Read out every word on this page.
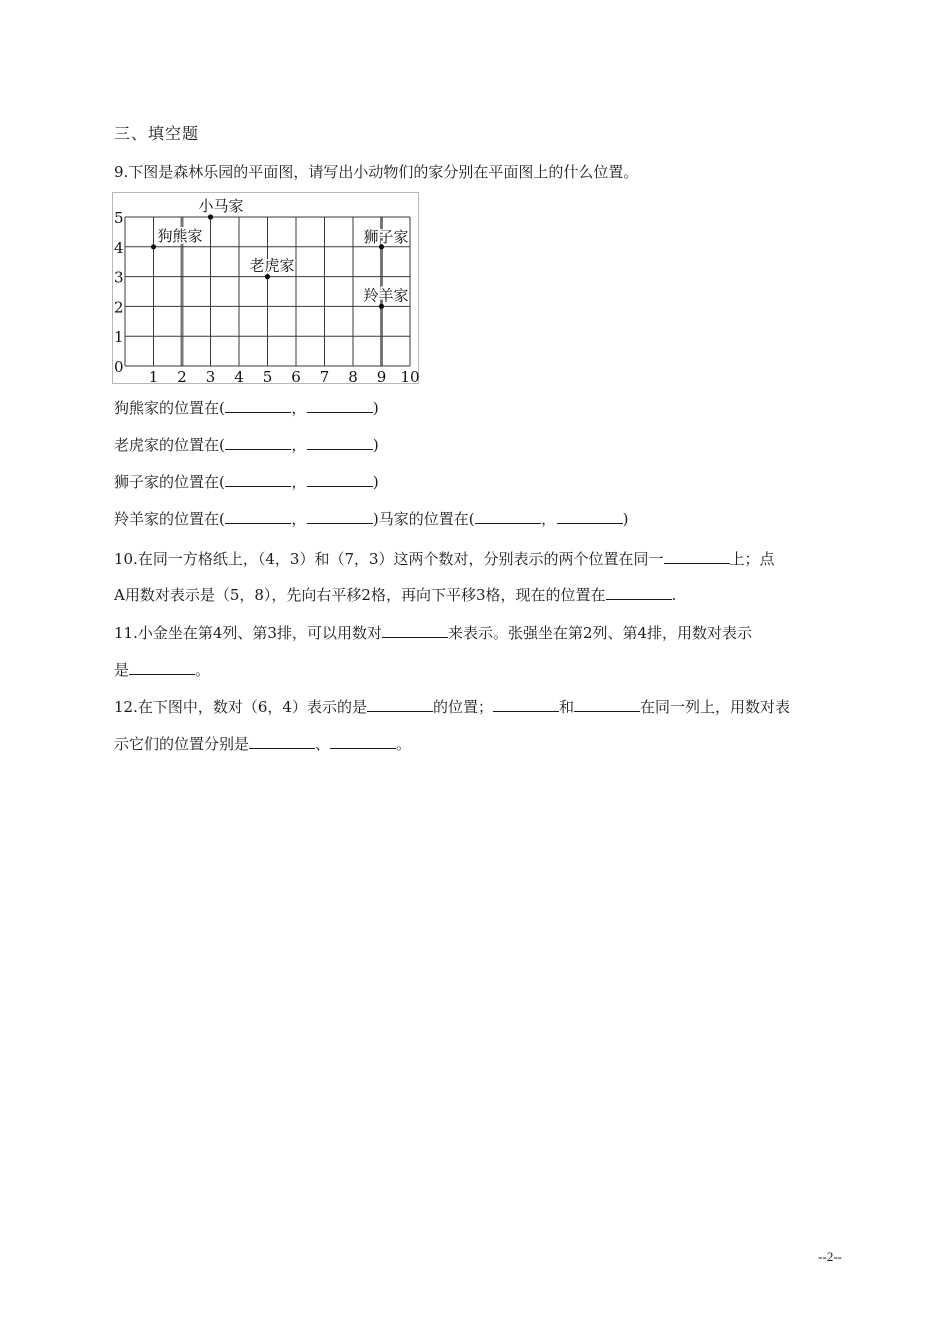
三、填空题
9.下图是森林乐园的平面图，请写出小动物们的家分别在平面图上的什么位置。
1 2 3 4 5 6 7 8 9 10
0
1
2
3
4
5
小马家
狗熊家
老虎家
狮子家
羚羊家
狗熊家的位置在(	，	)
老虎家的位置在(	，	)
狮子家的位置在(	，	)
羚羊家的位置在(	，	)马家的位置在(	，	)
10.在同一方格纸上，（4，3）和（7，3）这两个数对，分别表示的两个位置在同一	上；点
A用数对表示是（5，8），先向右平移2格，再向下平移3格，现在的位置在	.
11.小金坐在第4列、第3排，可以用数对	来表示。张强坐在第2列、第4排，用数对表示
是	。
12.在下图中，数对（6，4）表示的是	的位置；	和	在同一列上，用数对表
示它们的位置分别是	、	。
--2--
